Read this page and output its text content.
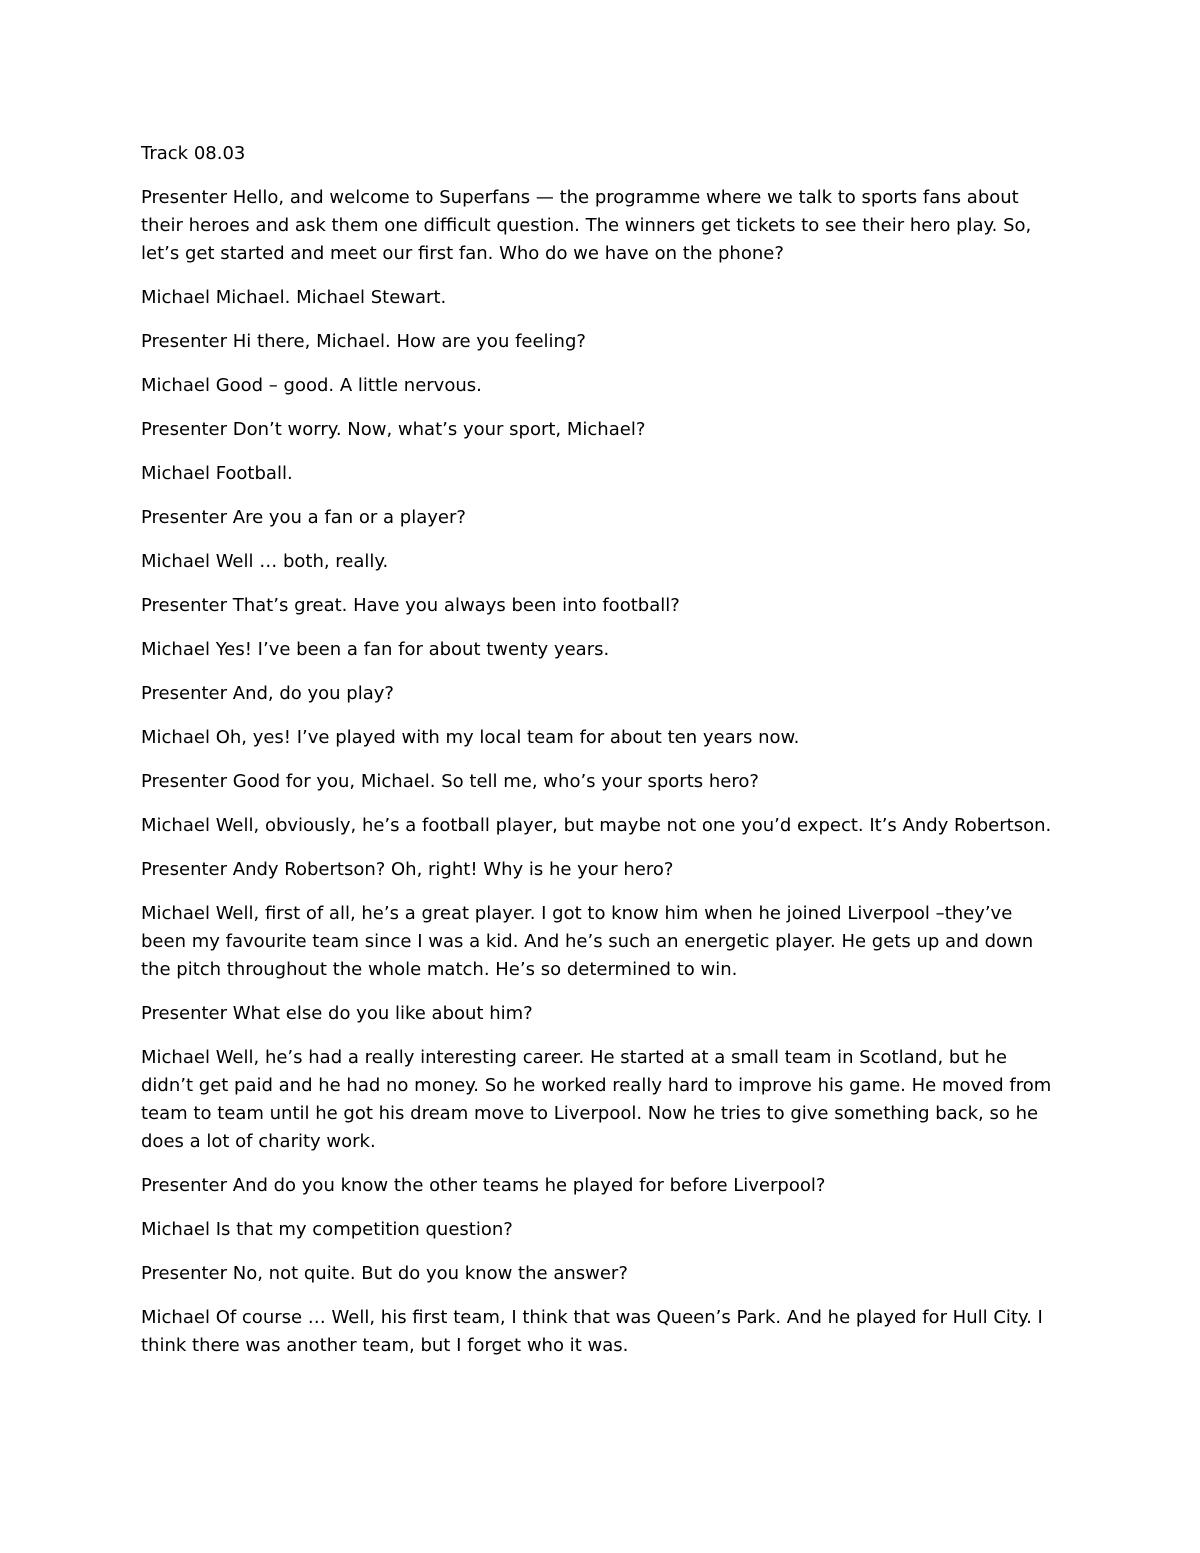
Track 08.03

Presenter Hello, and welcome to Superfans — the programme where we talk to sports fans about their heroes and ask them one difficult question. The winners get tickets to see their hero play. So, let’s get started and meet our first fan. Who do we have on the phone?

Michael Michael. Michael Stewart.

Presenter Hi there, Michael. How are you feeling?

Michael Good – good. A little nervous.

Presenter Don’t worry. Now, what’s your sport, Michael?

Michael Football.

Presenter Are you a fan or a player?

Michael Well … both, really.

Presenter That’s great. Have you always been into football?

Michael Yes! I’ve been a fan for about twenty years.

Presenter And, do you play?

Michael Oh, yes! I’ve played with my local team for about ten years now.

Presenter Good for you, Michael. So tell me, who’s your sports hero?

Michael Well, obviously, he’s a football player, but maybe not one you’d expect. It’s Andy Robertson.

Presenter Andy Robertson? Oh, right! Why is he your hero?

Michael Well, first of all, he’s a great player. I got to know him when he joined Liverpool –they’ve been my favourite team since I was a kid. And he’s such an energetic player. He gets up and down the pitch throughout the whole match. He’s so determined to win.

Presenter What else do you like about him?

Michael Well, he’s had a really interesting career. He started at a small team in Scotland, but he didn’t get paid and he had no money. So he worked really hard to improve his game. He moved from team to team until he got his dream move to Liverpool. Now he tries to give something back, so he does a lot of charity work.

Presenter And do you know the other teams he played for before Liverpool?

Michael Is that my competition question?

Presenter No, not quite. But do you know the answer?

Michael Of course … Well, his first team, I think that was Queen’s Park. And he played for Hull City. I think there was another team, but I forget who it was.
